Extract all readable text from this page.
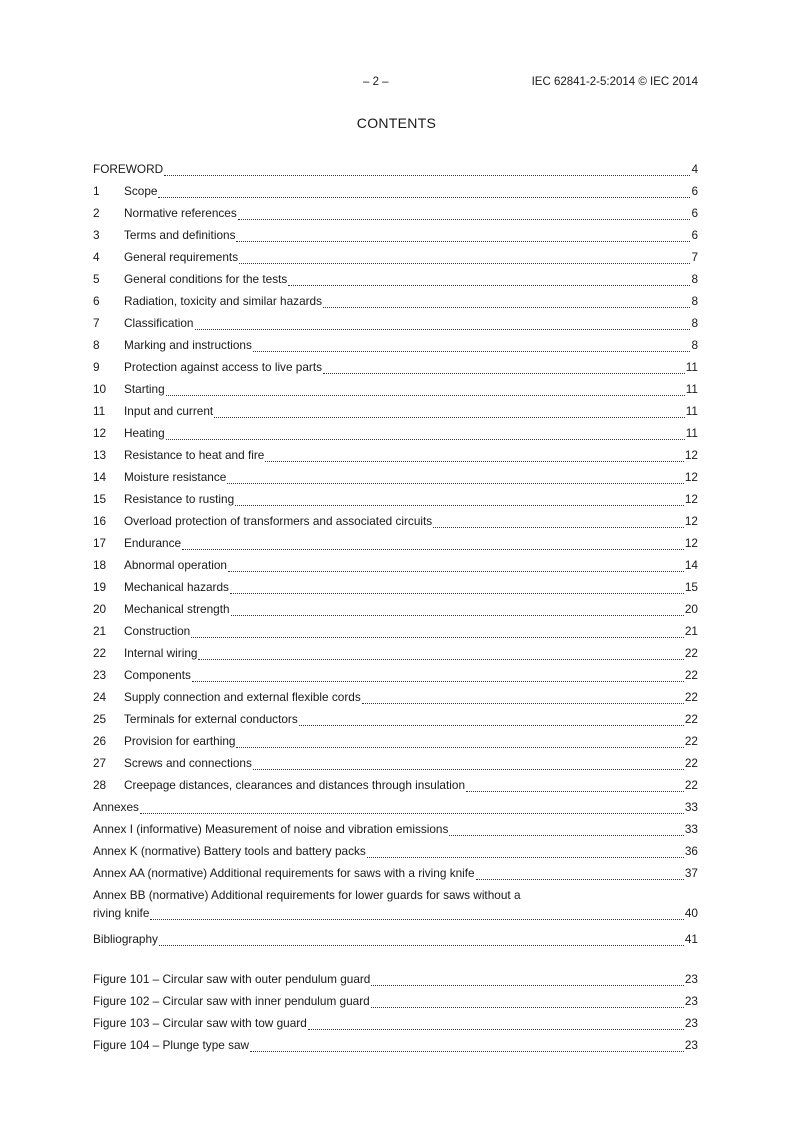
– 2 –	IEC 62841-2-5:2014 © IEC 2014
CONTENTS
FOREWORD	4
1	Scope	6
2	Normative references	6
3	Terms and definitions	6
4	General requirements	7
5	General conditions for the tests	8
6	Radiation, toxicity and similar hazards	8
7	Classification	8
8	Marking and instructions	8
9	Protection against access to live parts	11
10	Starting	11
11	Input and current	11
12	Heating	11
13	Resistance to heat and fire	12
14	Moisture resistance	12
15	Resistance to rusting	12
16	Overload protection of transformers and associated circuits	12
17	Endurance	12
18	Abnormal operation	14
19	Mechanical hazards	15
20	Mechanical strength	20
21	Construction	21
22	Internal wiring	22
23	Components	22
24	Supply connection and external flexible cords	22
25	Terminals for external conductors	22
26	Provision for earthing	22
27	Screws and connections	22
28	Creepage distances, clearances and distances through insulation	22
Annexes	33
Annex I (informative) Measurement of noise and vibration emissions	33
Annex K (normative) Battery tools and battery packs	36
Annex AA (normative) Additional requirements for saws with a riving knife	37
Annex BB (normative) Additional requirements for lower guards for saws without a
riving knife	40
Bibliography	41
Figure 101 – Circular saw with outer pendulum guard	23
Figure 102 – Circular saw with inner pendulum guard	23
Figure 103 – Circular saw with tow guard	23
Figure 104 – Plunge type saw	23
